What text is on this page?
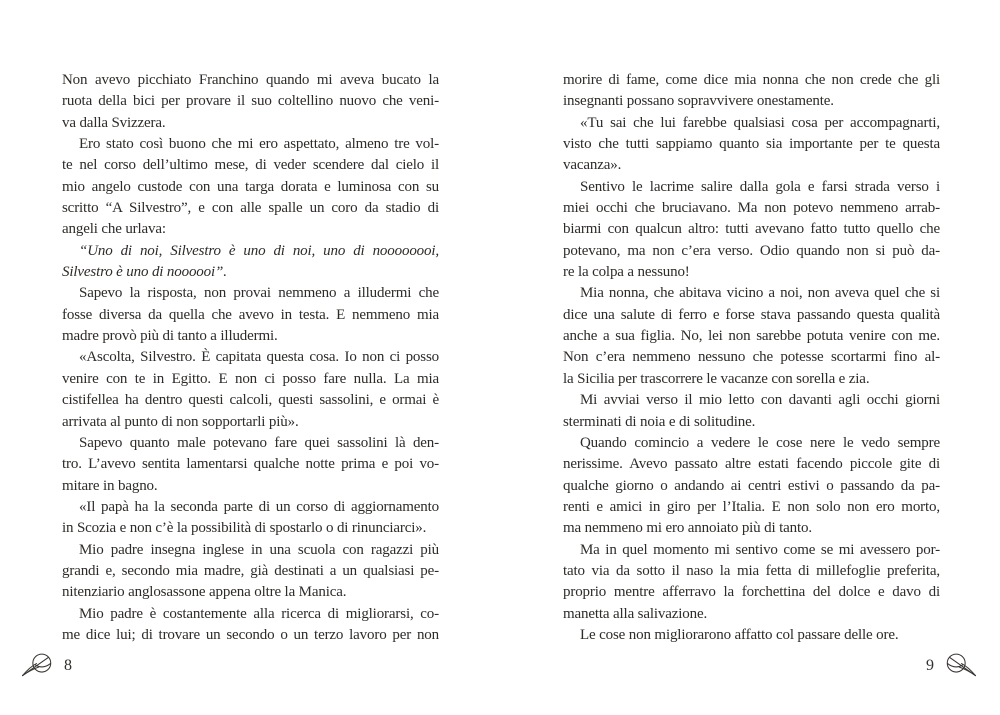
Non avevo picchiato Franchino quando mi aveva bucato la
ruota della bici per provare il suo coltellino nuovo che veni-
va dalla Svizzera.
Ero stato così buono che mi ero aspettato, almeno tre vol-
te nel corso dell’ultimo mese, di veder scendere dal cielo il
mio angelo custode con una targa dorata e luminosa con su
scritto “A Silvestro”, e con alle spalle un coro da stadio di
angeli che urlava:
“Uno di noi, Silvestro è uno di noi, uno di noooooooi,
Silvestro è uno di noooooi”.
Sapevo la risposta, non provai nemmeno a illudermi che
fosse diversa da quella che avevo in testa. E nemmeno mia
madre provò più di tanto a illudermi.
«Ascolta, Silvestro. È capitata questa cosa. Io non ci posso
venire con te in Egitto. E non ci posso fare nulla. La mia
cistifellea ha dentro questi calcoli, questi sassolini, e ormai è
arrivata al punto di non sopportarli più».
Sapevo quanto male potevano fare quei sassolini là den-
tro. L’avevo sentita lamentarsi qualche notte prima e poi vo-
mitare in bagno.
«Il papà ha la seconda parte di un corso di aggiornamento
in Scozia e non c’è la possibilità di spostarlo o di rinunciarci».
Mio padre insegna inglese in una scuola con ragazzi più
grandi e, secondo mia madre, già destinati a un qualsiasi pe-
nitenziario anglosassone appena oltre la Manica.
Mio padre è costantemente alla ricerca di migliorarsi, co-
me dice lui; di trovare un secondo o un terzo lavoro per non
morire di fame, come dice mia nonna che non crede che gli
insegnanti possano sopravvivere onestamente.
«Tu sai che lui farebbe qualsiasi cosa per accompagnarti,
visto che tutti sappiamo quanto sia importante per te questa
vacanza».
Sentivo le lacrime salire dalla gola e farsi strada verso i
miei occhi che bruciavano. Ma non potevo nemmeno arrab-
biarmi con qualcun altro: tutti avevano fatto tutto quello che
potevano, ma non c’era verso. Odio quando non si può da-
re la colpa a nessuno!
Mia nonna, che abitava vicino a noi, non aveva quel che si
dice una salute di ferro e forse stava passando questa qualità
anche a sua figlia. No, lei non sarebbe potuta venire con me.
Non c’era nemmeno nessuno che potesse scortarmi fino al-
la Sicilia per trascorrere le vacanze con sorella e zia.
Mi avviai verso il mio letto con davanti agli occhi giorni
sterminati di noia e di solitudine.
Quando comincio a vedere le cose nere le vedo sempre
nerissime. Avevo passato altre estati facendo piccole gite di
qualche giorno o andando ai centri estivi o passando da pa-
renti e amici in giro per l’Italia. E non solo non ero morto,
ma nemmeno mi ero annoiato più di tanto.
Ma in quel momento mi sentivo come se mi avessero por-
tato via da sotto il naso la mia fetta di millefoglie preferita,
proprio mentre afferravo la forchettina del dolce e davo di
manetta alla salivazione.
Le cose non migliorarono affatto col passare delle ore.
8	9
